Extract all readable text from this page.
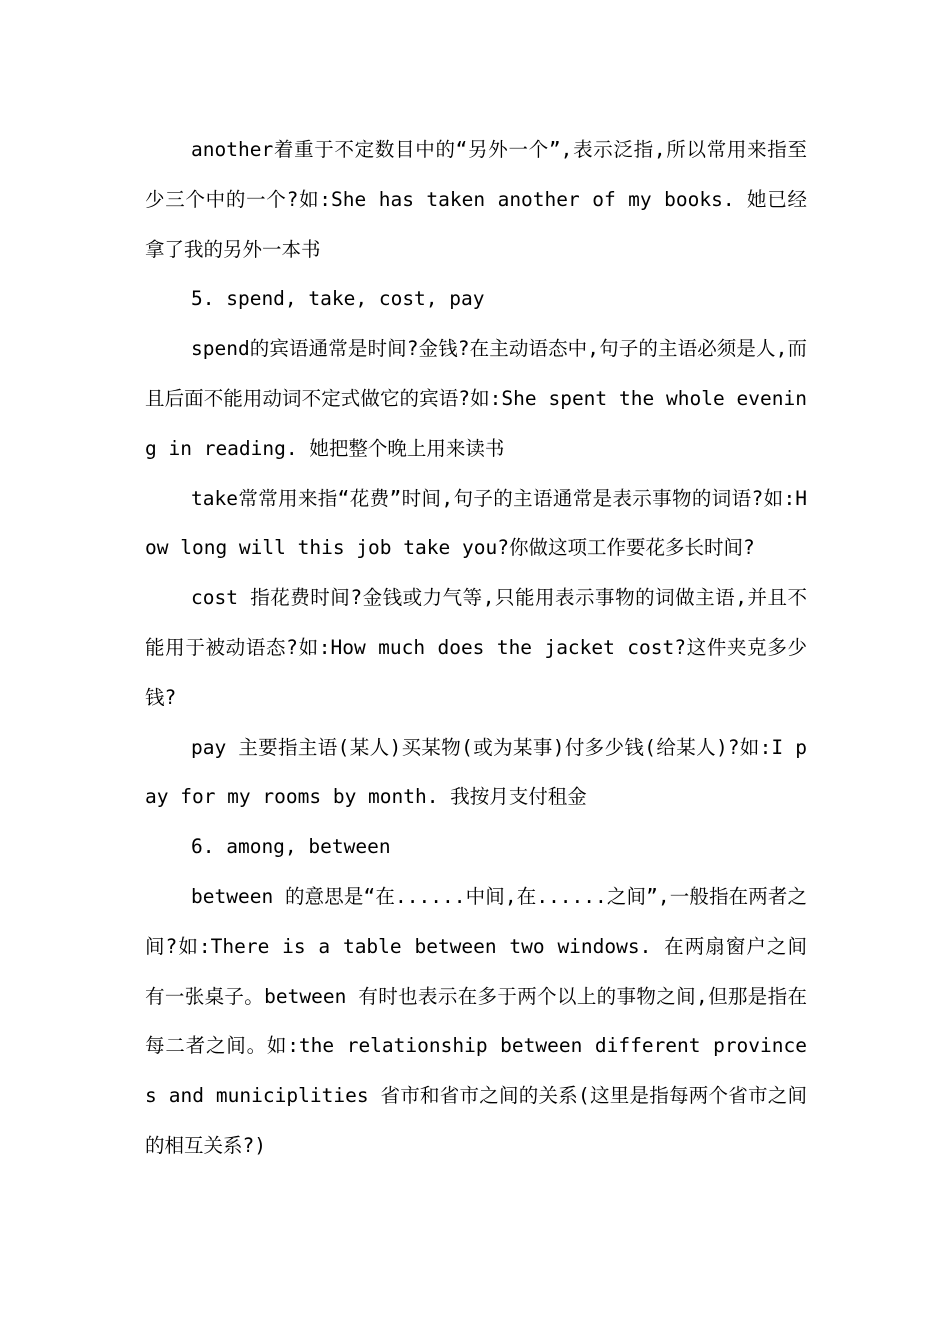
another着重于不定数目中的“另外一个”,表示泛指,所以常用来指至少三个中的一个?如:She has taken another of my books. 她已经拿了我的另外一本书

5. spend, take, cost, pay

spend的宾语通常是时间?金钱?在主动语态中,句子的主语必须是人,而且后面不能用动词不定式做它的宾语?如:She spent the whole evening in reading. 她把整个晚上用来读书

take常常用来指“花费”时间,句子的主语通常是表示事物的词语?如:How long will this job take you?你做这项工作要花多长时间?

cost 指花费时间?金钱或力气等,只能用表示事物的词做主语,并且不能用于被动语态?如:How much does the jacket cost?这件夹克多少钱?

pay 主要指主语(某人)买某物(或为某事)付多少钱(给某人)?如:I pay for my rooms by month. 我按月支付租金

6. among, between

between 的意思是“在......中间,在......之间”,一般指在两者之间?如:There is a table between two windows. 在两扇窗户之间有一张桌子。between 有时也表示在多于两个以上的事物之间,但那是指在每二者之间。如:the relationship between different provinces and municiplities 省市和省市之间的关系(这里是指每两个省市之间的相互关系?)
